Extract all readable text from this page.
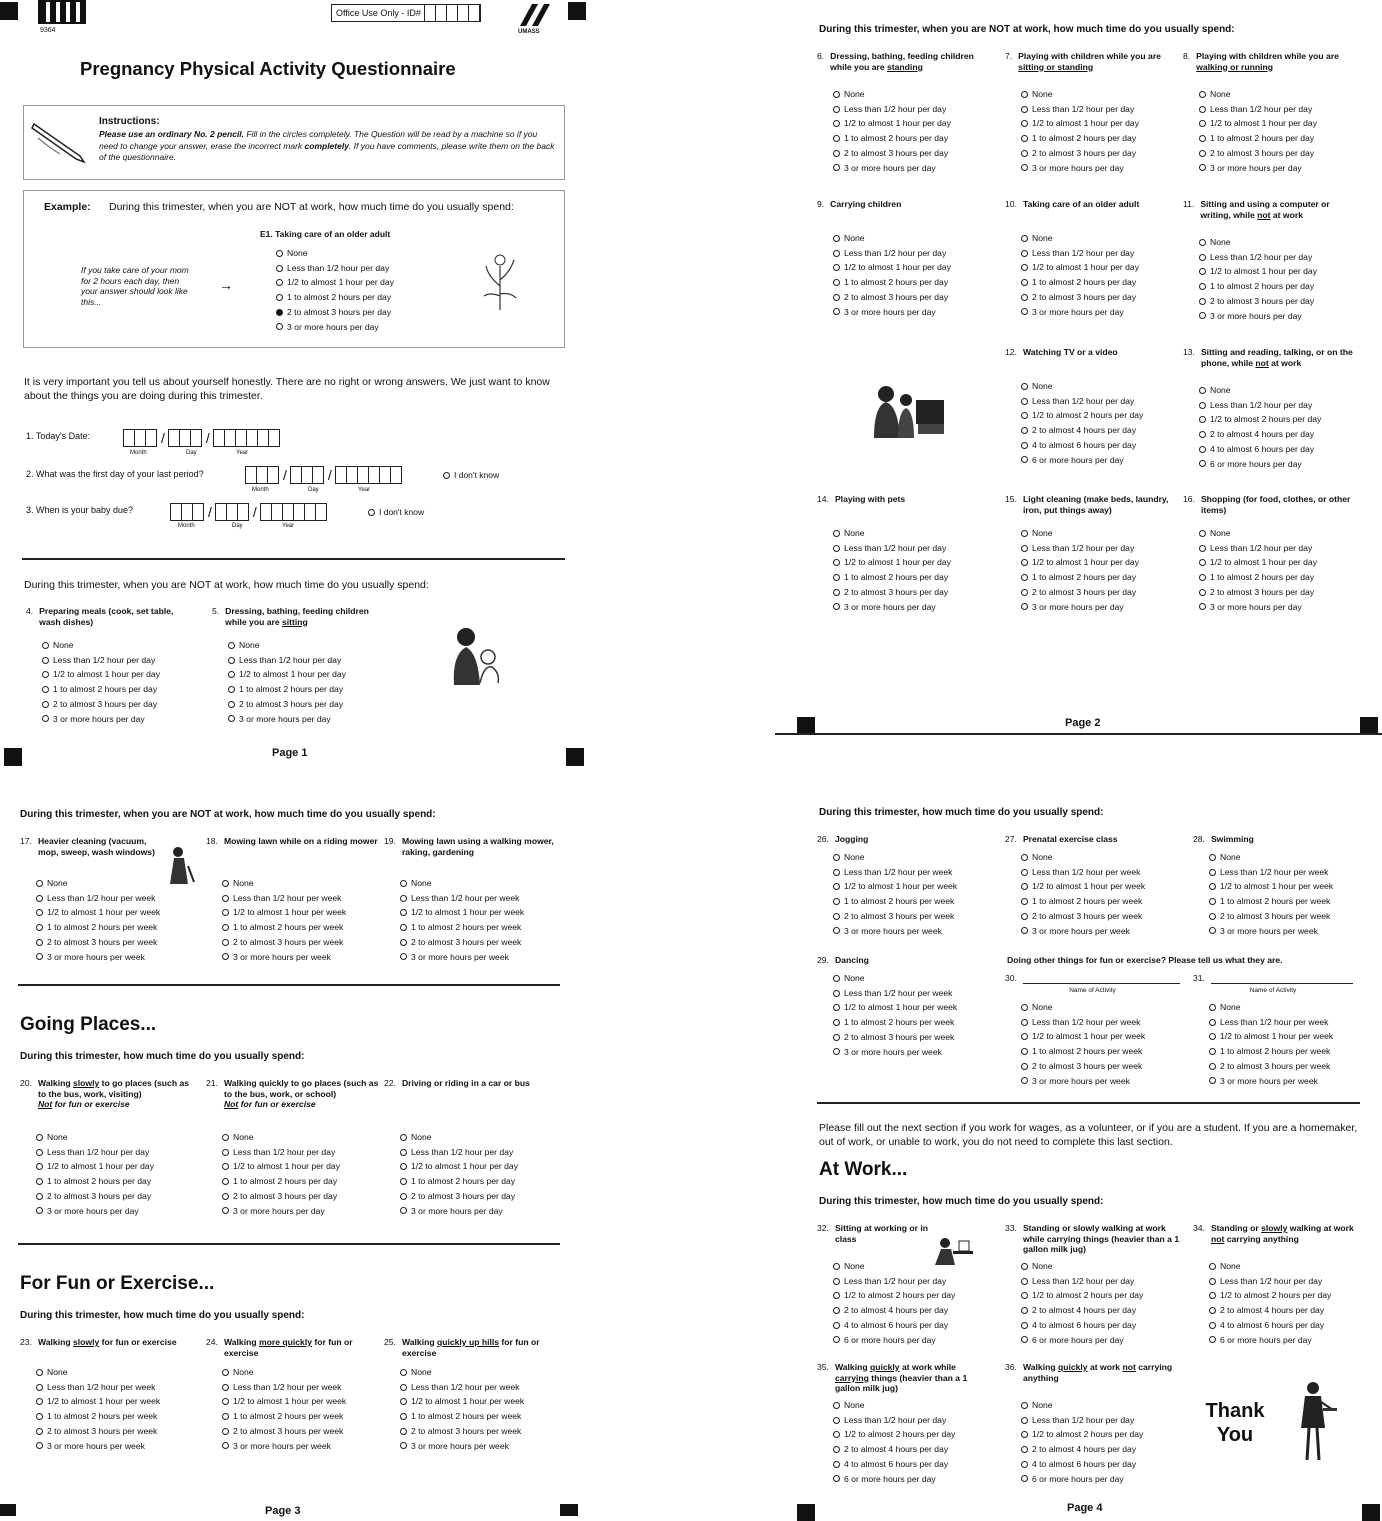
9364
Office Use Only - ID#
UMASS
Pregnancy Physical Activity Questionnaire
Instructions:
Please use an ordinary No. 2 pencil. Fill in the circles completely. The Question will be read by a machine so if you need to change your answer, erase the incorrect mark completely. If you have comments, please write them on the back of the questionnaire.
Example: During this trimester, when you are NOT at work, how much time do you usually spend:
E1. Taking care of an older adult
If you take care of your mom for 2 hours each day, then your answer should look like this...
→
None
Less than 1/2 hour per day
1/2 to almost 1 hour per day
1 to almost 2 hours per day
2 to almost 3 hours per day
3 or more hours per day
It is very important you tell us about yourself honestly. There are no right or wrong answers. We just want to know about the things you are doing during this trimester.
1. Today's Date:	/	/
Month	Day	Year
2. What was the first day of your last period?	/	/	I don't know
Month	Day	Year
3. When is your baby due?	/	/	I don't know
Month	Day	Year
During this trimester, when you are NOT at work, how much time do you usually spend:
4. Preparing meals (cook, set table, wash dishes)
None
Less than 1/2 hour per day
1/2 to almost 1 hour per day
1 to almost 2 hours per day
2 to almost 3 hours per day
3 or more hours per day
5. Dressing, bathing, feeding children while you are sitting
None
Less than 1/2 hour per day
1/2 to almost 1 hour per day
1 to almost 2 hours per day
2 to almost 3 hours per day
3 or more hours per day
Page 1
During this trimester, when you are NOT at work, how much time do you usually spend:
6. Dressing, bathing, feeding children while you are standing
None
Less than 1/2 hour per day
1/2 to almost 1 hour per day
1 to almost 2 hours per day
2 to almost 3 hours per day
3 or more hours per day
7. Playing with children while you are sitting or standing
None
Less than 1/2 hour per day
1/2 to almost 1 hour per day
1 to almost 2 hours per day
2 to almost 3 hours per day
3 or more hours per day
8. Playing with children while you are walking or running
None
Less than 1/2 hour per day
1/2 to almost 1 hour per day
1 to almost 2 hours per day
2 to almost 3 hours per day
3 or more hours per day
9. Carrying children
None
Less than 1/2 hour per day
1/2 to almost 1 hour per day
1 to almost 2 hours per day
2 to almost 3 hours per day
3 or more hours per day
10. Taking care of an older adult
None
Less than 1/2 hour per day
1/2 to almost 1 hour per day
1 to almost 2 hours per day
2 to almost 3 hours per day
3 or more hours per day
11. Sitting and using a computer or writing, while not at work
None
Less than 1/2 hour per day
1/2 to almost 1 hour per day
1 to almost 2 hours per day
2 to almost 3 hours per day
3 or more hours per day
12. Watching TV or a video
None
Less than 1/2 hour per day
1/2 to almost 2 hours per day
2 to almost 4 hours per day
4 to almost 6 hours per day
6 or more hours per day
13. Sitting and reading, talking, or on the phone, while not at work
None
Less than 1/2 hour per day
1/2 to almost 2 hours per day
2 to almost 4 hours per day
4 to almost 6 hours per day
6 or more hours per day
14. Playing with pets
None
Less than 1/2 hour per day
1/2 to almost 1 hour per day
1 to almost 2 hours per day
2 to almost 3 hours per day
3 or more hours per day
15. Light cleaning (make beds, laundry, iron, put things away)
None
Less than 1/2 hour per day
1/2 to almost 1 hour per day
1 to almost 2 hours per day
2 to almost 3 hours per day
3 or more hours per day
16. Shopping (for food, clothes, or other items)
None
Less than 1/2 hour per day
1/2 to almost 1 hour per day
1 to almost 2 hours per day
2 to almost 3 hours per day
3 or more hours per day
Page 2
During this trimester, when you are NOT at work, how much time do you usually spend:
17. Heavier cleaning (vacuum, mop, sweep, wash windows)
None
Less than 1/2 hour per week
1/2 to almost 1 hour per week
1 to almost 2 hours per week
2 to almost 3 hours per week
3 or more hours per week
18. Mowing lawn while on a riding mower
None
Less than 1/2 hour per week
1/2 to almost 1 hour per week
1 to almost 2 hours per week
2 to almost 3 hours per week
3 or more hours per week
19. Mowing lawn using a walking mower, raking, gardening
None
Less than 1/2 hour per week
1/2 to almost 1 hour per week
1 to almost 2 hours per week
2 to almost 3 hours per week
3 or more hours per week
Going Places...
During this trimester, how much time do you usually spend:
20. Walking slowly to go places (such as to the bus, work, visiting)
Not for fun or exercise
None
Less than 1/2 hour per day
1/2 to almost 1 hour per day
1 to almost 2 hours per day
2 to almost 3 hours per day
3 or more hours per day
21. Walking quickly to go places (such as to the bus, work, or school)
Not for fun or exercise
None
Less than 1/2 hour per day
1/2 to almost 1 hour per day
1 to almost 2 hours per day
2 to almost 3 hours per day
3 or more hours per day
22. Driving or riding in a car or bus
None
Less than 1/2 hour per day
1/2 to almost 1 hour per day
1 to almost 2 hours per day
2 to almost 3 hours per day
3 or more hours per day
For Fun or Exercise...
During this trimester, how much time do you usually spend:
23. Walking slowly for fun or exercise
None
Less than 1/2 hour per week
1/2 to almost 1 hour per week
1 to almost 2 hours per week
2 to almost 3 hours per week
3 or more hours per week
24. Walking more quickly for fun or exercise
None
Less than 1/2 hour per week
1/2 to almost 1 hour per week
1 to almost 2 hours per week
2 to almost 3 hours per week
3 or more hours per week
25. Walking quickly up hills for fun or exercise
None
Less than 1/2 hour per week
1/2 to almost 1 hour per week
1 to almost 2 hours per week
2 to almost 3 hours per week
3 or more hours per week
Page 3
During this trimester, how much time do you usually spend:
26. Jogging
None
Less than 1/2 hour per week
1/2 to almost 1 hour per week
1 to almost 2 hours per week
2 to almost 3 hours per week
3 or more hours per week
27. Prenatal exercise class
None
Less than 1/2 hour per week
1/2 to almost 1 hour per week
1 to almost 2 hours per week
2 to almost 3 hours per week
3 or more hours per week
28. Swimming
None
Less than 1/2 hour per week
1/2 to almost 1 hour per week
1 to almost 2 hours per week
2 to almost 3 hours per week
3 or more hours per week
29. Dancing
None
Less than 1/2 hour per week
1/2 to almost 1 hour per week
1 to almost 2 hours per week
2 to almost 3 hours per week
3 or more hours per week
Doing other things for fun or exercise? Please tell us what they are.
30.
Name of Activity
None
Less than 1/2 hour per week
1/2 to almost 1 hour per week
1 to almost 2 hours per week
2 to almost 3 hours per week
3 or more hours per week
31.
Name of Activity
None
Less than 1/2 hour per week
1/2 to almost 1 hour per week
1 to almost 2 hours per week
2 to almost 3 hours per week
3 or more hours per week
Please fill out the next section if you work for wages, as a volunteer, or if you are a student. If you are a homemaker, out of work, or unable to work, you do not need to complete this last section.
At Work...
During this trimester, how much time do you usually spend:
32. Sitting at working or in class
None
Less than 1/2 hour per day
1/2 to almost 2 hours per day
2 to almost 4 hours per day
4 to almost 6 hours per day
6 or more hours per day
33. Standing or slowly walking at work while carrying things (heavier than a 1 gallon milk jug)
None
Less than 1/2 hour per day
1/2 to almost 2 hours per day
2 to almost 4 hours per day
4 to almost 6 hours per day
6 or more hours per day
34. Standing or slowly walking at work not carrying anything
None
Less than 1/2 hour per day
1/2 to almost 2 hours per day
2 to almost 4 hours per day
4 to almost 6 hours per day
6 or more hours per day
35. Walking quickly at work while carrying things (heavier than a 1 gallon milk jug)
None
Less than 1/2 hour per day
1/2 to almost 2 hours per day
2 to almost 4 hours per day
4 to almost 6 hours per day
6 or more hours per day
36. Walking quickly at work not carrying anything
None
Less than 1/2 hour per day
1/2 to almost 2 hours per day
2 to almost 4 hours per day
4 to almost 6 hours per day
6 or more hours per day
Thank
You
Page 4
